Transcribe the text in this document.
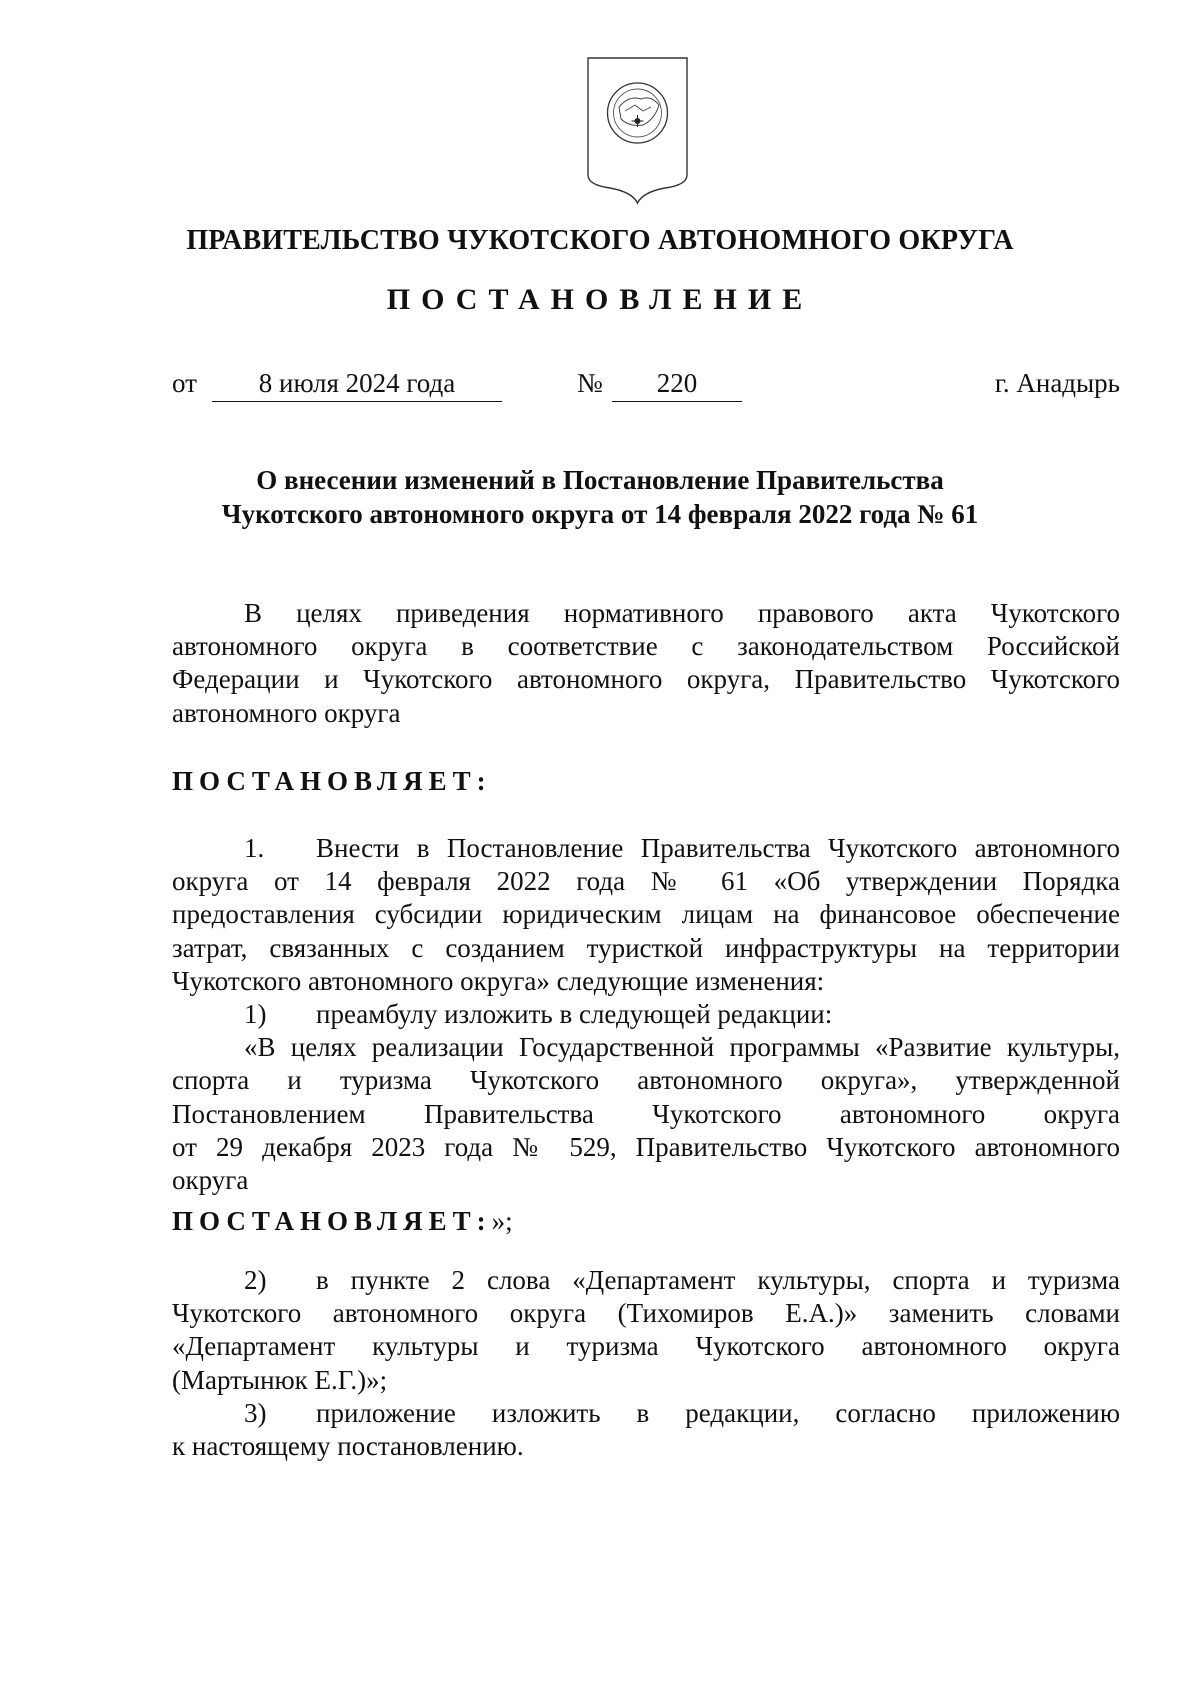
ПРАВИТЕЛЬСТВО ЧУКОТСКОГО АВТОНОМНОГО ОКРУГА
ПОСТАНОВЛЕНИЕ
от	8 июля 2024 года	№	220	г. Анадырь
О внесении изменений в Постановление Правительства
Чукотского автономного округа от 14 февраля 2022 года № 61
В целях приведения нормативного правового акта Чукотского
автономного округа в соответствие с законодательством Российской
Федерации и Чукотского автономного округа, Правительство Чукотского
автономного округа
ПОСТАНОВЛЯЕТ:
1. Внести в Постановление Правительства Чукотского автономного
округа от 14 февраля 2022 года № 61 «Об утверждении Порядка
предоставления субсидии юридическим лицам на финансовое обеспечение
затрат, связанных с созданием туристкой инфраструктуры на территории
Чукотского автономного округа» следующие изменения:
1) преамбулу изложить в следующей редакции:
«В целях реализации Государственной программы «Развитие культуры,
спорта и туризма Чукотского автономного округа», утвержденной
Постановлением Правительства Чукотского автономного округа
от 29 декабря 2023 года № 529, Правительство Чукотского автономного
округа
ПОСТАНОВЛЯЕТ:»;
2) в пункте 2 слова «Департамент культуры, спорта и туризма
Чукотского автономного округа (Тихомиров Е.А.)» заменить словами
«Департамент культуры и туризма Чукотского автономного округа
(Мартынюк Е.Г.)»;
3) приложение изложить в редакции, согласно приложению
к настоящему постановлению.
